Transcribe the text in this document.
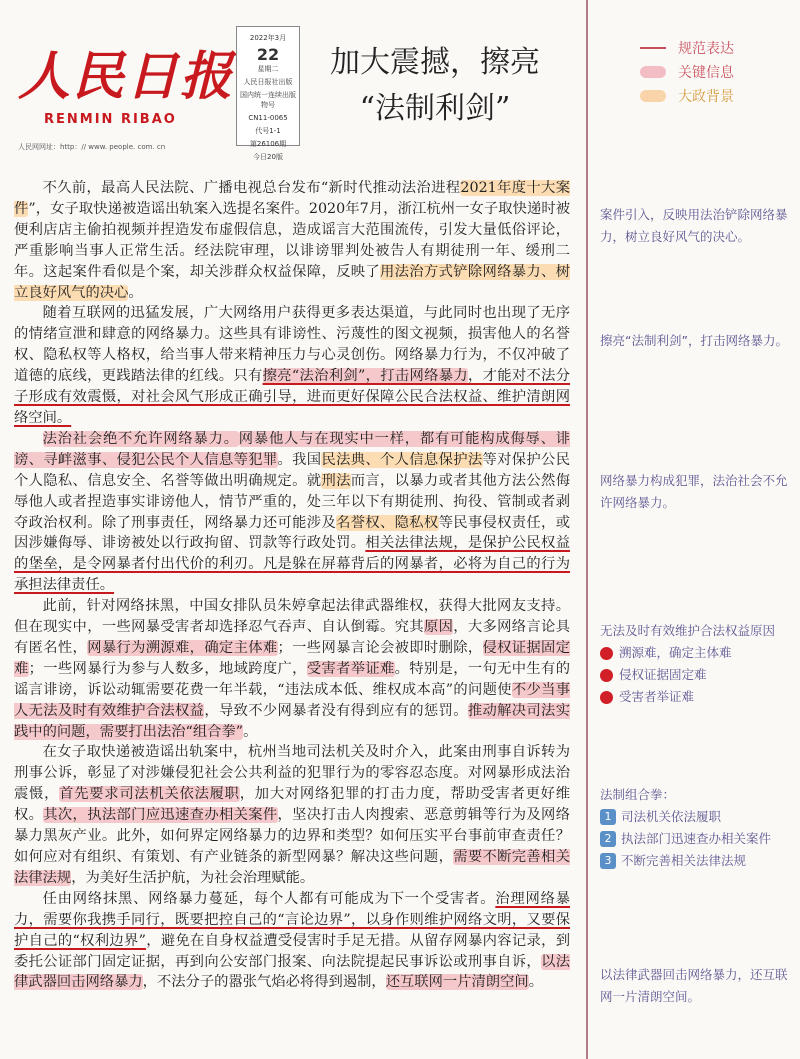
人民日报
RENMIN RIBAO
人民网网址：http：// www. people. com. cn
2022年3月
22
星期二
人民日报社出版
国内统一连续出版物号
CN11-0065
代号1-1
第26106期
今日20版
加大震撼，擦亮
“法制利剑”
规范表达
关键信息
大政背景

不久前，最高人民法院、广播电视总台发布“新时代推动法治进程2021年度十大案件”，女子取快递被造谣出轨案入选提名案件。2020年7月，浙江杭州一女子取快递时被便利店店主偷拍视频并捏造发布虚假信息，造成谣言大范围流传，引发大量低俗评论，严重影响当事人正常生活。经法院审理，以诽谤罪判处被告人有期徒刑一年、缓刑二年。这起案件看似是个案，却关涉群众权益保障，反映了用法治方式铲除网络暴力、树立良好风气的决心。

随着互联网的迅猛发展，广大网络用户获得更多表达渠道，与此同时也出现了无序的情绪宣泄和肆意的网络暴力。这些具有诽谤性、污蔑性的图文视频，损害他人的名誉权、隐私权等人格权，给当事人带来精神压力与心灵创伤。网络暴力行为，不仅冲破了道德的底线，更践踏法律的红线。只有擦亮“法治利剑”，打击网络暴力，才能对不法分子形成有效震慑，对社会风气形成正确引导，进而更好保障公民合法权益、维护清朗网络空间。

法治社会绝不允许网络暴力。网暴他人与在现实中一样，都有可能构成侮辱、诽谤、寻衅滋事、侵犯公民个人信息等犯罪。我国民法典、个人信息保护法等对保护公民个人隐私、信息安全、名誉等做出明确规定。就刑法而言，以暴力或者其他方法公然侮辱他人或者捏造事实诽谤他人，情节严重的，处三年以下有期徒刑、拘役、管制或者剥夺政治权利。除了刑事责任，网络暴力还可能涉及名誉权、隐私权等民事侵权责任，或因涉嫌侮辱、诽谤被处以行政拘留、罚款等行政处罚。相关法律法规，是保护公民权益的堡垒，是令网暴者付出代价的利刃。凡是躲在屏幕背后的网暴者，必将为自己的行为承担法律责任。

此前，针对网络抹黑，中国女排队员朱婷拿起法律武器维权，获得大批网友支持。但在现实中，一些网暴受害者却选择忍气吞声、自认倒霉。究其原因，大多网络言论具有匿名性，网暴行为溯源难，确定主体难；一些网暴言论会被即时删除，侵权证据固定难；一些网暴行为参与人数多，地域跨度广，受害者举证难。特别是，一句无中生有的谣言诽谤，诉讼动辄需要花费一年半载，“违法成本低、维权成本高”的问题使不少当事人无法及时有效维护合法权益，导致不少网暴者没有得到应有的惩罚。推动解决司法实践中的问题，需要打出法治“组合拳”。

在女子取快递被造谣出轨案中，杭州当地司法机关及时介入，此案由刑事自诉转为刑事公诉，彰显了对涉嫌侵犯社会公共利益的犯罪行为的零容忍态度。对网暴形成法治震慑，首先要求司法机关依法履职，加大对网络犯罪的打击力度，帮助受害者更好维权。其次，执法部门应迅速查办相关案件，坚决打击人肉搜索、恶意剪辑等行为及网络暴力黑灰产业。此外，如何界定网络暴力的边界和类型？如何压实平台事前审查责任？如何应对有组织、有策划、有产业链条的新型网暴？解决这些问题，需要不断完善相关法律法规，为美好生活护航，为社会治理赋能。

任由网络抹黑、网络暴力蔓延，每个人都有可能成为下一个受害者。治理网络暴力，需要你我携手同行，既要把控自己的“言论边界”，以身作则维护网络文明，又要保护自己的“权利边界”，避免在自身权益遭受侵害时手足无措。从留存网暴内容记录，到委托公证部门固定证据，再到向公安部门报案、向法院提起民事诉讼或刑事自诉，以法律武器回击网络暴力，不法分子的嚣张气焰必将得到遏制，还互联网一片清朗空间。

案件引入，反映用法治铲除网络暴力，树立良好风气的决心。
擦亮“法制利剑”，打击网络暴力。
网络暴力构成犯罪，法治社会不允许网络暴力。
无法及时有效维护合法权益原因
溯源难，确定主体难
侵权证据固定难
受害者举证难
法制组合拳：
1 司法机关依法履职
2 执法部门迅速查办相关案件
3 不断完善相关法律法规
以法律武器回击网络暴力，还互联网一片清朗空间。
